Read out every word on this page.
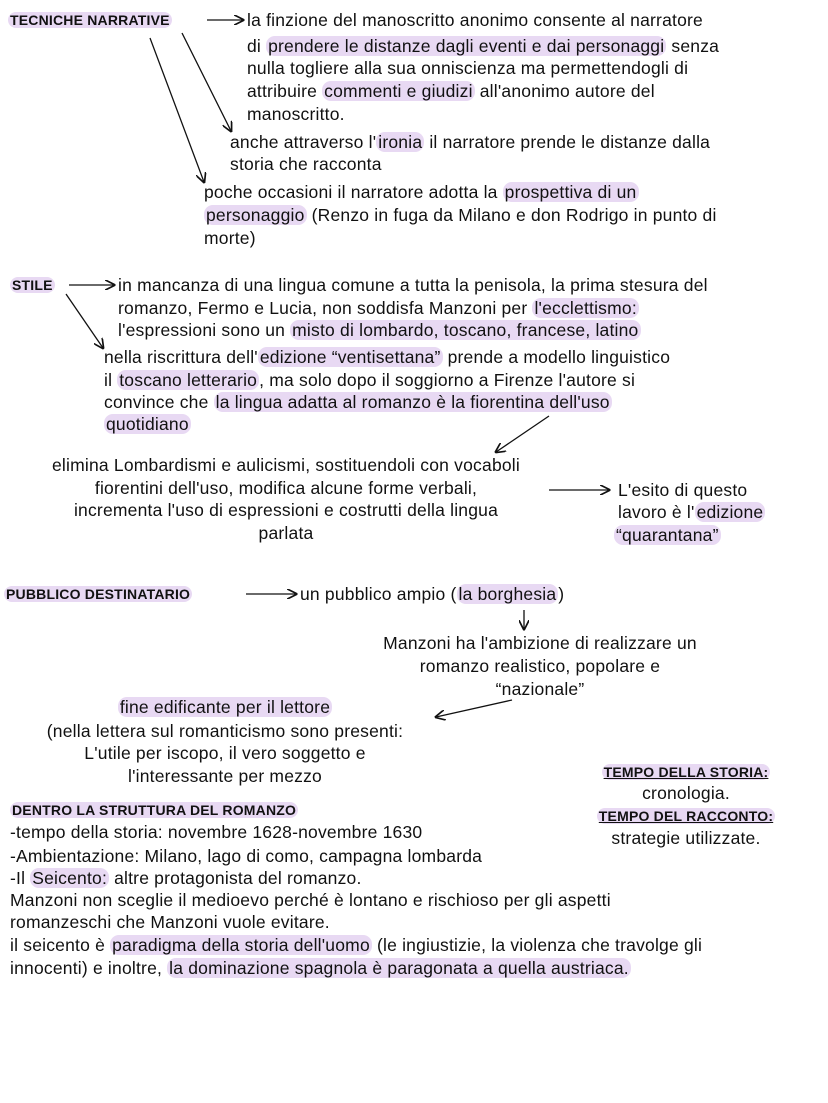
TECNICHE NARRATIVE	la finzione del manoscritto anonimo consente al narratore
di prendere le distanze dagli eventi e dai personaggi senza
nulla togliere alla sua onniscienza ma permettendogli di
attribuire commenti e giudizi all'anonimo autore del
manoscritto.
anche attraverso l' ironia il narratore prende le distanze dalla
storia che racconta
poche occasioni il narratore adotta la prospettiva di un
personaggio (Renzo in fuga da Milano e don Rodrigo in punto di
morte)
STILE	in mancanza di una lingua comune a tutta la penisola, la prima stesura del
romanzo, Fermo e Lucia, non soddisfa Manzoni per l'ecclettismo:
l'espressioni sono un misto di lombardo, toscano, francese, latino
nella riscrittura dell' edizione “ventisettana” prende a modello linguistico
il toscano letterario , ma solo dopo il soggiorno a Firenze l'autore si
convince che la lingua adatta al romanzo è la fiorentina dell'uso
quotidiano
elimina Lombardismi e aulicismi, sostituendoli con vocaboli
fiorentini dell'uso, modifica alcune forme verbali,
incrementa l'uso di espressioni e costrutti della lingua
parlata
L'esito di questo
lavoro è l' edizione
“quarantana”
PUBBLICO DESTINATARIO	un pubblico ampio ( la borghesia )
Manzoni ha l'ambizione di realizzare un
romanzo realistico, popolare e
“nazionale”
fine edificante per il lettore
(nella lettera sul romanticismo sono presenti:
L'utile per iscopo, il vero soggetto e
l'interessante per mezzo	TEMPO DELLA STORIA:
cronologia.
TEMPO DEL RACCONTO:
strategie utilizzate.
DENTRO LA STRUTTURA DEL ROMANZO
-tempo della storia: novembre 1628-novembre 1630
-Ambientazione: Milano, lago di como, campagna lombarda
-Il Seicento: altre protagonista del romanzo.
Manzoni non sceglie il medioevo perché è lontano e rischioso per gli aspetti
romanzeschi che Manzoni vuole evitare.
il seicento è paradigma della storia dell'uomo (le ingiustizie, la violenza che travolge gli
innocenti) e inoltre, la dominazione spagnola è paragonata a quella austriaca.
